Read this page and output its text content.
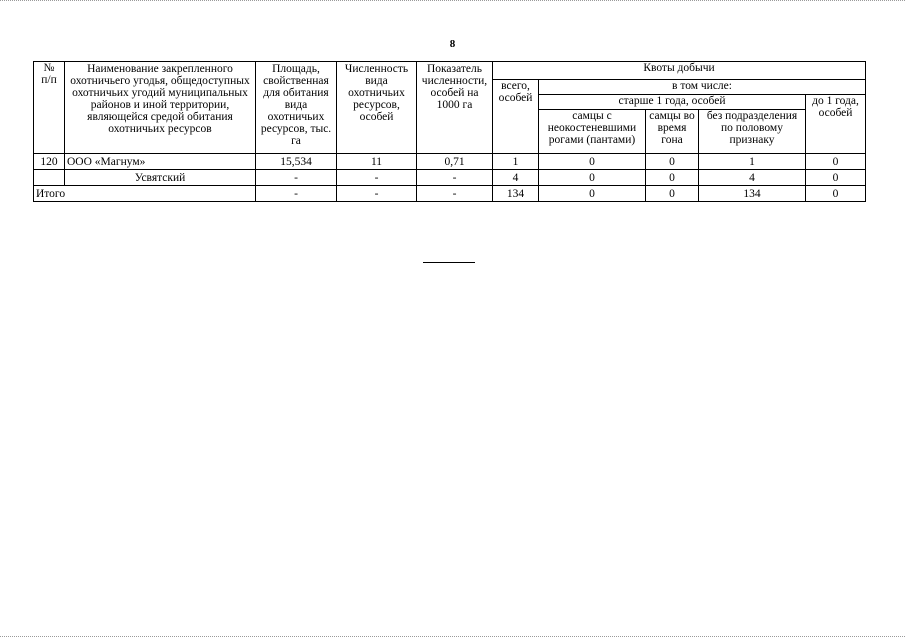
8
№
п/п	Наименование закрепленного охотничьего угодья, общедоступных охотничьих угодий муниципальных районов и иной территории, являющейся средой обитания охотничьих ресурсов	Площадь, свойственная для обитания вида охотничьих ресурсов, тыс. га	Численность вида охотничьих ресурсов, особей	Показатель численности, особей на 1000 га	Квоты добычи				
					всего, особей	в том числе:			
						старше 1 года, особей			до 1 года, особей
						самцы с неокостеневшими рогами (пантами)	самцы во время гона	без подразделения по половому признаку	
120	ООО «Магнум»	15,534	11	0,71	1	0	0	1	0
	Усвятский	-	-	-	4	0	0	4	0
Итого		-	-	-	134	0	0	134	0
